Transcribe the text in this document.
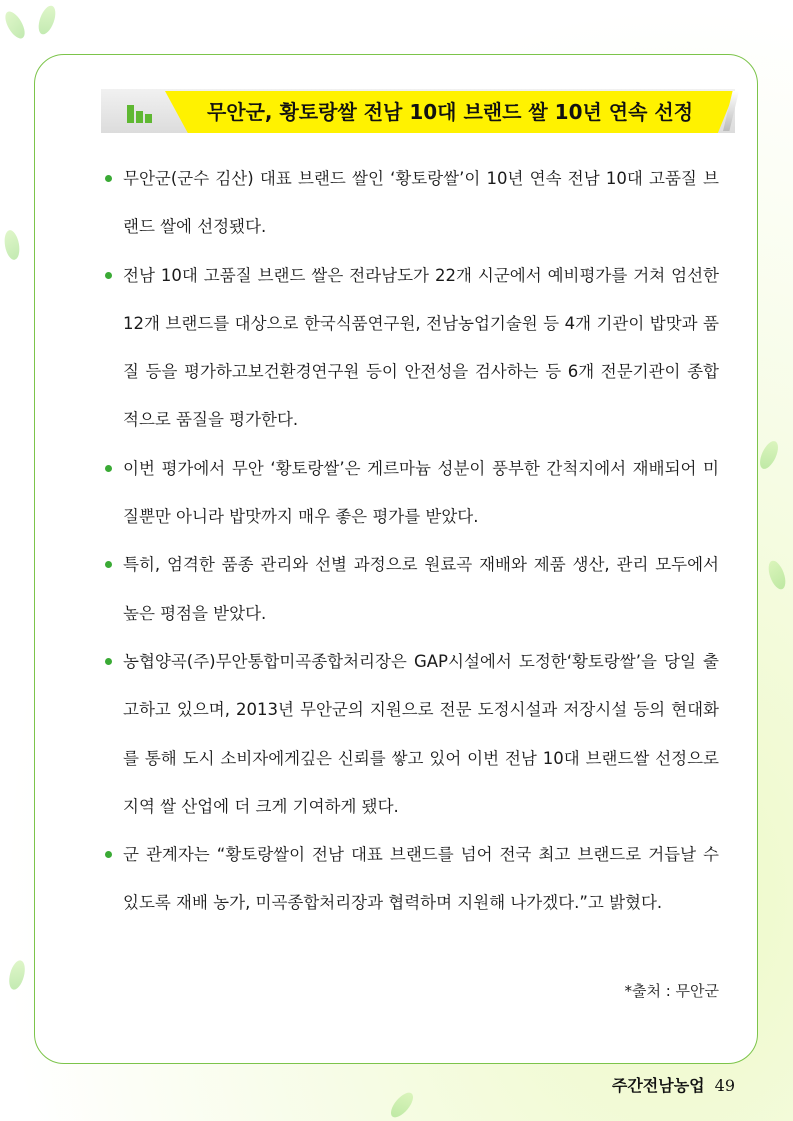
무안군, 황토랑쌀 전남 10대 브랜드 쌀 10년 연속 선정
무안군(군수 김산) 대표 브랜드 쌀인 ‘황토랑쌀’이 10년 연속 전남 10대 고품질 브랜드 쌀에 선정됐다.
전남 10대 고품질 브랜드 쌀은 전라남도가 22개 시군에서 예비평가를 거쳐 엄선한 12개 브랜드를 대상으로 한국식품연구원, 전남농업기술원 등 4개 기관이 밥맛과 품질 등을 평가하고보건환경연구원 등이 안전성을 검사하는 등 6개 전문기관이 종합적으로 품질을 평가한다.
이번 평가에서 무안 ‘황토랑쌀’은 게르마늄 성분이 풍부한 간척지에서 재배되어 미질뿐만 아니라 밥맛까지 매우 좋은 평가를 받았다.
특히, 엄격한 품종 관리와 선별 과정으로 원료곡 재배와 제품 생산, 관리 모두에서 높은 평점을 받았다.
농협양곡(주)무안통합미곡종합처리장은 GAP시설에서 도정한‘황토랑쌀’을 당일 출고하고 있으며, 2013년 무안군의 지원으로 전문 도정시설과 저장시설 등의 현대화를 통해 도시 소비자에게깊은 신뢰를 쌓고 있어 이번 전남 10대 브랜드쌀 선정으로 지역 쌀 산업에 더 크게 기여하게 됐다.
군 관계자는 “황토랑쌀이 전남 대표 브랜드를 넘어 전국 최고 브랜드로 거듭날 수 있도록 재배 농가, 미곡종합처리장과 협력하며 지원해 나가겠다.”고 밝혔다.
*출처 : 무안군
주간전남농업 49
